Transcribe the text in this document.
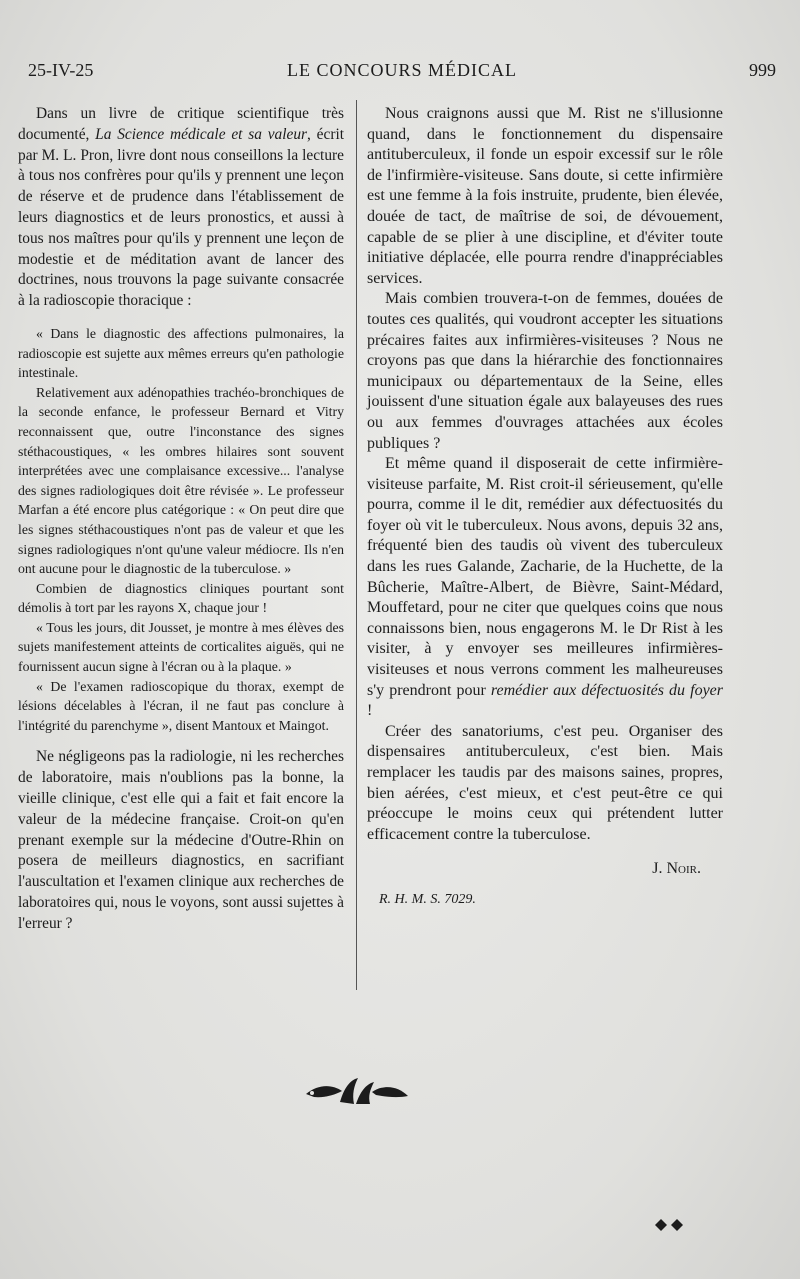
25-IV-25	LE CONCOURS MÉDICAL	999

Dans un livre de critique scientifique très documenté, La Science médicale et sa valeur, écrit par M. L. Pron, livre dont nous conseillons la lecture à tous nos confrères pour qu'ils y prennent une leçon de réserve et de prudence dans l'établissement de leurs diagnostics et de leurs pronostics, et aussi à tous nos maîtres pour qu'ils y prennent une leçon de modestie et de méditation avant de lancer des doctrines, nous trouvons la page suivante consacrée à la radioscopie thoracique :

« Dans le diagnostic des affections pulmonaires, la radioscopie est sujette aux mêmes erreurs qu'en pathologie intestinale.

Relativement aux adénopathies trachéo-bronchiques de la seconde enfance, le professeur Bernard et Vitry reconnaissent que, outre l'inconstance des signes stéthacoustiques, « les ombres hilaires sont souvent interprétées avec une complaisance excessive... l'analyse des signes radiologiques doit être révisée ». Le professeur Marfan a été encore plus catégorique : « On peut dire que les signes stéthacoustiques n'ont pas de valeur et que les signes radiologiques n'ont qu'une valeur médiocre. Ils n'en ont aucune pour le diagnostic de la tuberculose. »

Combien de diagnostics cliniques pourtant sont démolis à tort par les rayons X, chaque jour !

« Tous les jours, dit Jousset, je montre à mes élèves des sujets manifestement atteints de corticalites aiguës, qui ne fournissent aucun signe à l'écran ou à la plaque. »

« De l'examen radioscopique du thorax, exempt de lésions décelables à l'écran, il ne faut pas conclure à l'intégrité du parenchyme », disent Mantoux et Maingot.

Ne négligeons pas la radiologie, ni les recherches de laboratoire, mais n'oublions pas la bonne, la vieille clinique, c'est elle qui a fait et fait encore la valeur de la médecine française. Croit-on qu'en prenant exemple sur la médecine d'Outre-Rhin on posera de meilleurs diagnostics, en sacrifiant l'auscultation et l'examen clinique aux recherches de laboratoires qui, nous le voyons, sont aussi sujettes à l'erreur ?

Nous craignons aussi que M. Rist ne s'illusionne quand, dans le fonctionnement du dispensaire antituberculeux, il fonde un espoir excessif sur le rôle de l'infirmière-visiteuse. Sans doute, si cette infirmière est une femme à la fois instruite, prudente, bien élevée, douée de tact, de maîtrise de soi, de dévouement, capable de se plier à une discipline, et d'éviter toute initiative déplacée, elle pourra rendre d'inappréciables services.

Mais combien trouvera-t-on de femmes, douées de toutes ces qualités, qui voudront accepter les situations précaires faites aux infirmières-visiteuses ? Nous ne croyons pas que dans la hiérarchie des fonctionnaires municipaux ou départementaux de la Seine, elles jouissent d'une situation égale aux balayeuses des rues ou aux femmes d'ouvrages attachées aux écoles publiques ?

Et même quand il disposerait de cette infirmière-visiteuse parfaite, M. Rist croit-il sérieusement, qu'elle pourra, comme il le dit, remédier aux défectuosités du foyer où vit le tuberculeux. Nous avons, depuis 32 ans, fréquenté bien des taudis où vivent des tuberculeux dans les rues Galande, Zacharie, de la Huchette, de la Bûcherie, Maître-Albert, de Bièvre, Saint-Médard, Mouffetard, pour ne citer que quelques coins que nous connaissons bien, nous engagerons M. le Dr Rist à les visiter, à y envoyer ses meilleures infirmières-visiteuses et nous verrons comment les malheureuses s'y prendront pour remédier aux défectuosités du foyer !

Créer des sanatoriums, c'est peu. Organiser des dispensaires antituberculeux, c'est bien. Mais remplacer les taudis par des maisons saines, propres, bien aérées, c'est mieux, et c'est peut-être ce qui préoccupe le moins ceux qui prétendent lutter efficacement contre la tuberculose.

J. Noir.
R. H. M. S. 7029.
